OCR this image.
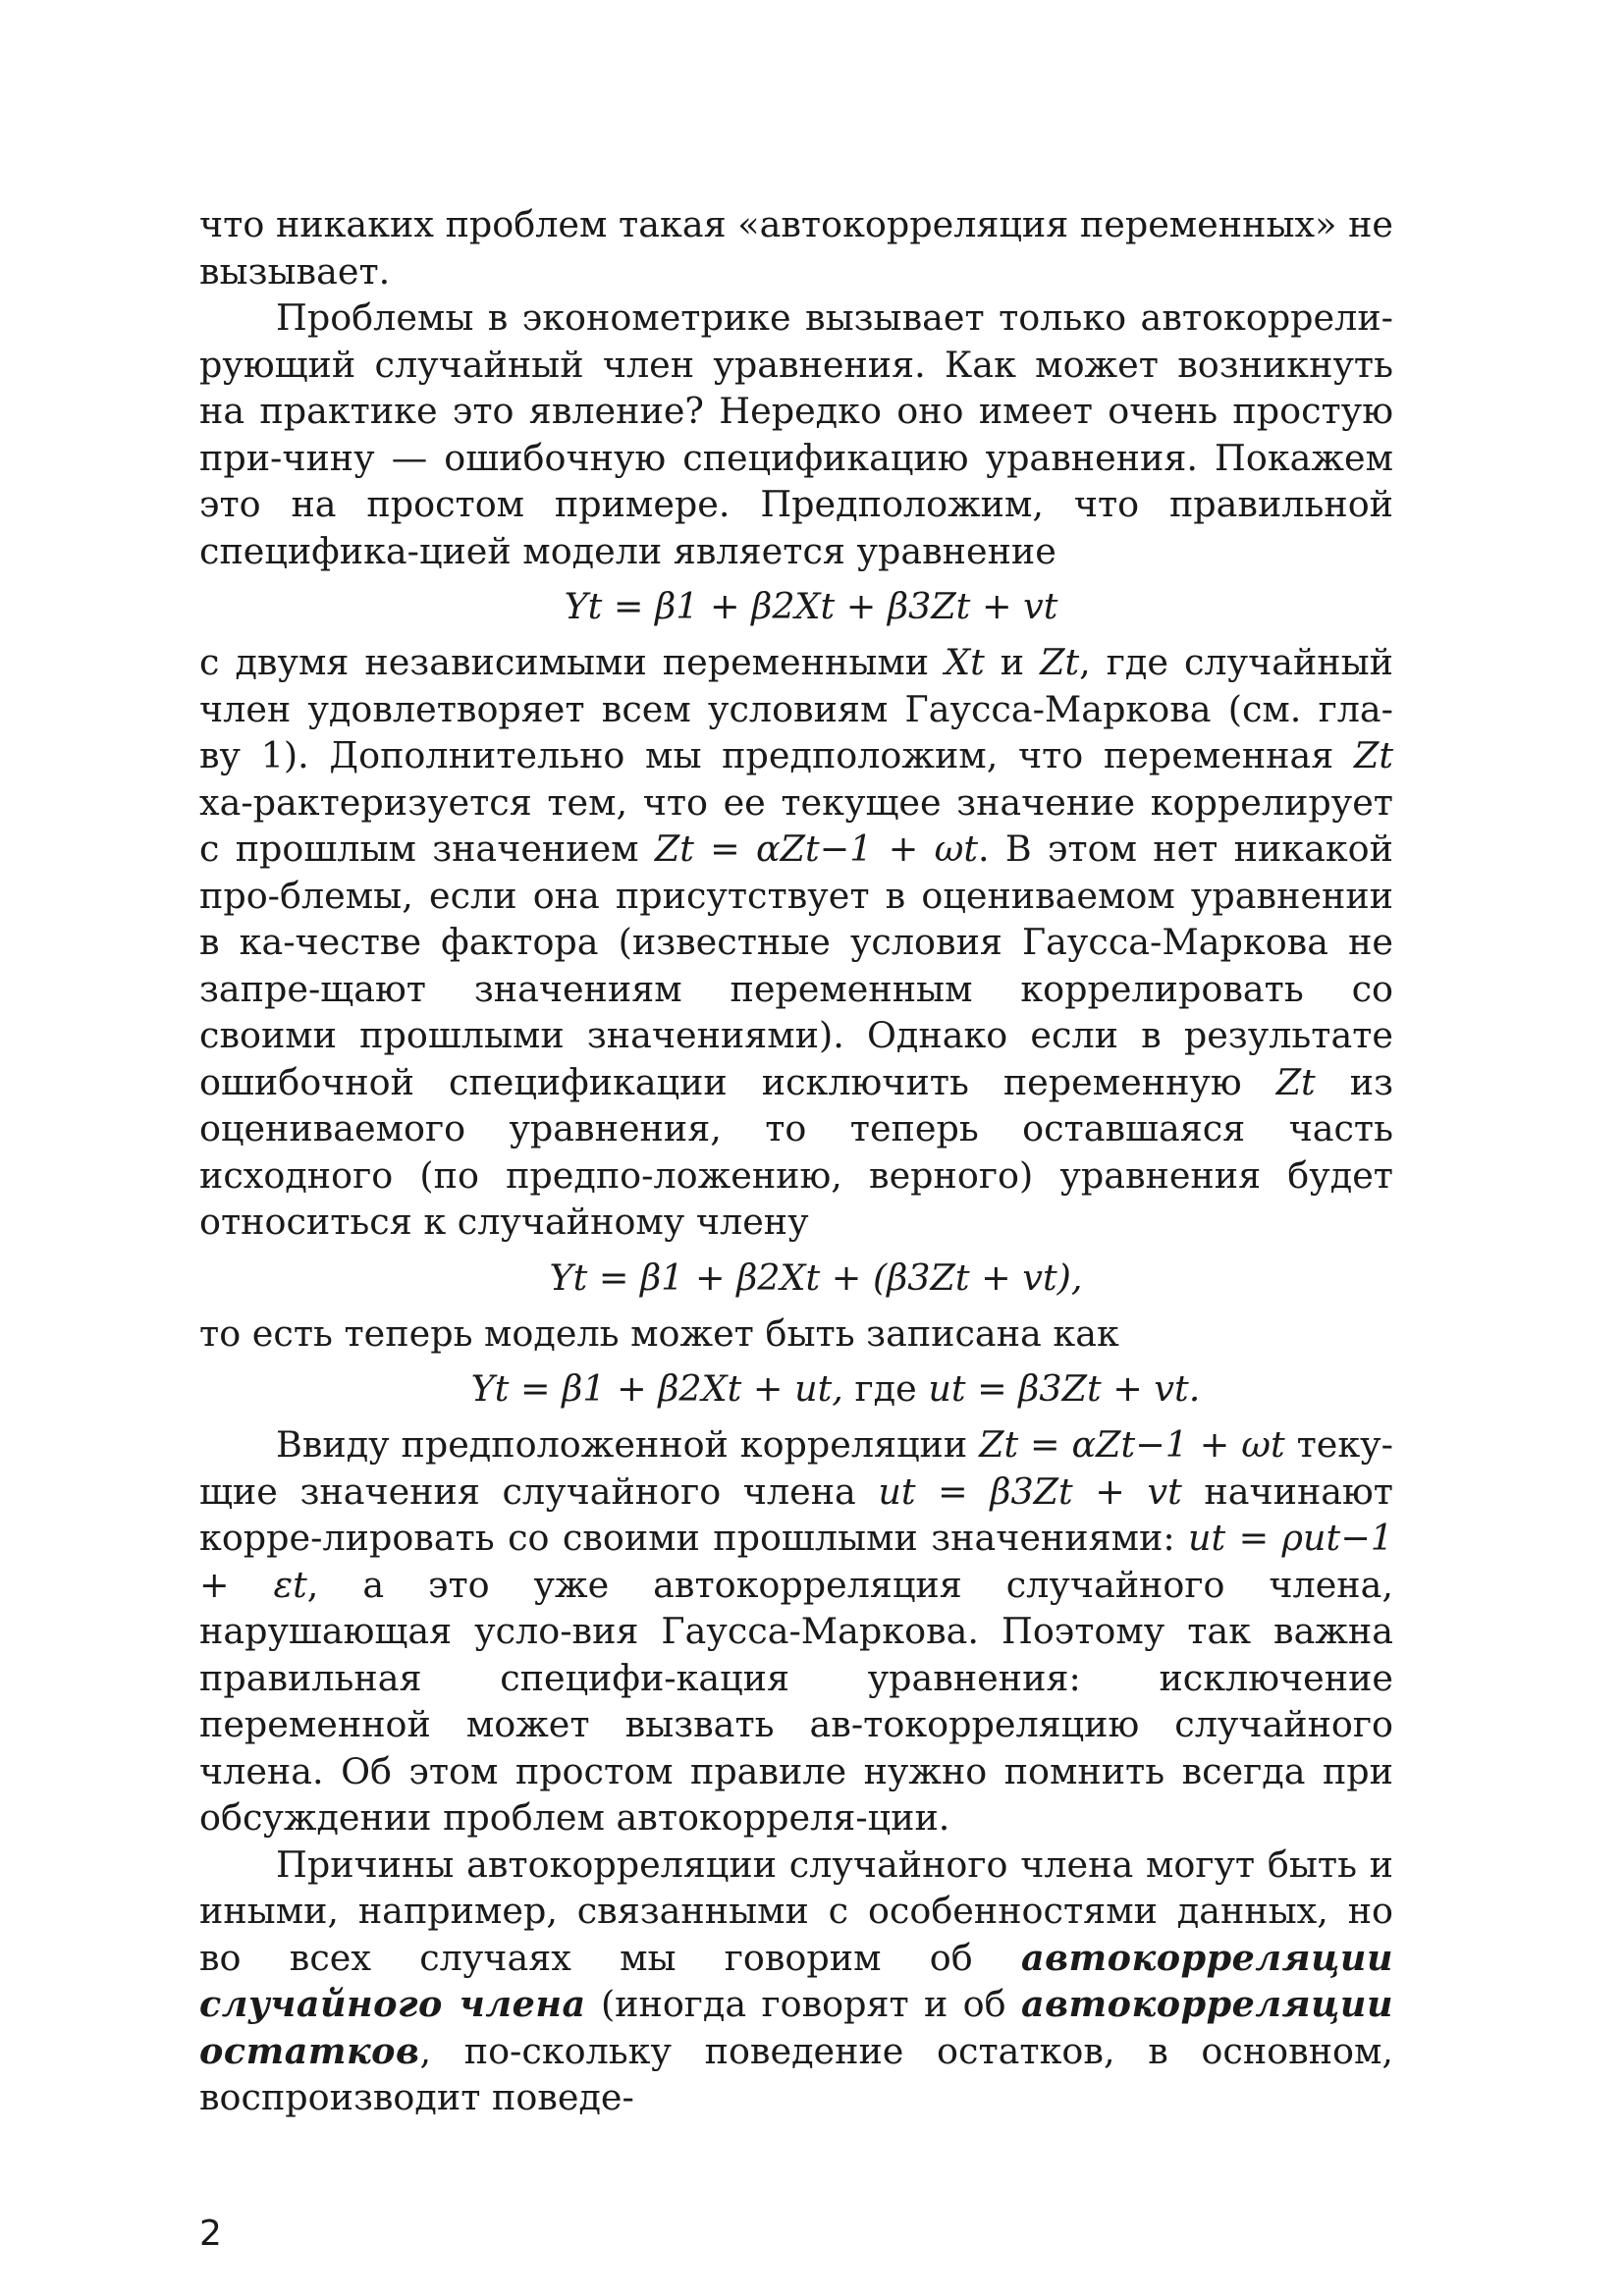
что никаких проблем такая «автокорреляция переменных» не вызывает.

Проблемы в эконометрике вызывает только автокоррели-рующий случайный член уравнения. Как может возникнуть на практике это явление? Нередко оно имеет очень простую при-чину — ошибочную спецификацию уравнения. Покажем это на простом примере. Предположим, что правильной специфика-цией модели является уравнение

Yt = β1 + β2Xt + β3Zt + vt

с двумя независимыми переменными Xt и Zt, где случайный член удовлетворяет всем условиям Гаусса-Маркова (см. гла-ву 1). Дополнительно мы предположим, что переменная Zt ха-рактеризуется тем, что ее текущее значение коррелирует с прошлым значением Zt = αZt−1 + ωt. В этом нет никакой про-блемы, если она присутствует в оцениваемом уравнении в ка-честве фактора (известные условия Гаусса-Маркова не запре-щают значениям переменным коррелировать со своими прошлыми значениями). Однако если в результате ошибочной спецификации исключить переменную Zt из оцениваемого уравнения, то теперь оставшаяся часть исходного (по предпо-ложению, верного) уравнения будет относиться к случайному члену

Yt = β1 + β2Xt + (β3Zt + vt),

то есть теперь модель может быть записана как

Yt = β1 + β2Xt + ut, где ut = β3Zt + vt.

Ввиду предположенной корреляции Zt = αZt−1 + ωt теку-щие значения случайного члена ut = β3Zt + vt начинают корре-лировать со своими прошлыми значениями: ut = ρut−1 + εt, а это уже автокорреляция случайного члена, нарушающая усло-вия Гаусса-Маркова. Поэтому так важна правильная специфи-кация уравнения: исключение переменной может вызвать ав-токорреляцию случайного члена. Об этом простом правиле нужно помнить всегда при обсуждении проблем автокорреля-ции.

Причины автокорреляции случайного члена могут быть и иными, например, связанными с особенностями данных, но во всех случаях мы говорим об автокорреляции случайного члена (иногда говорят и об автокорреляции остатков, по-скольку поведение остатков, в основном, воспроизводит поведе-

2
